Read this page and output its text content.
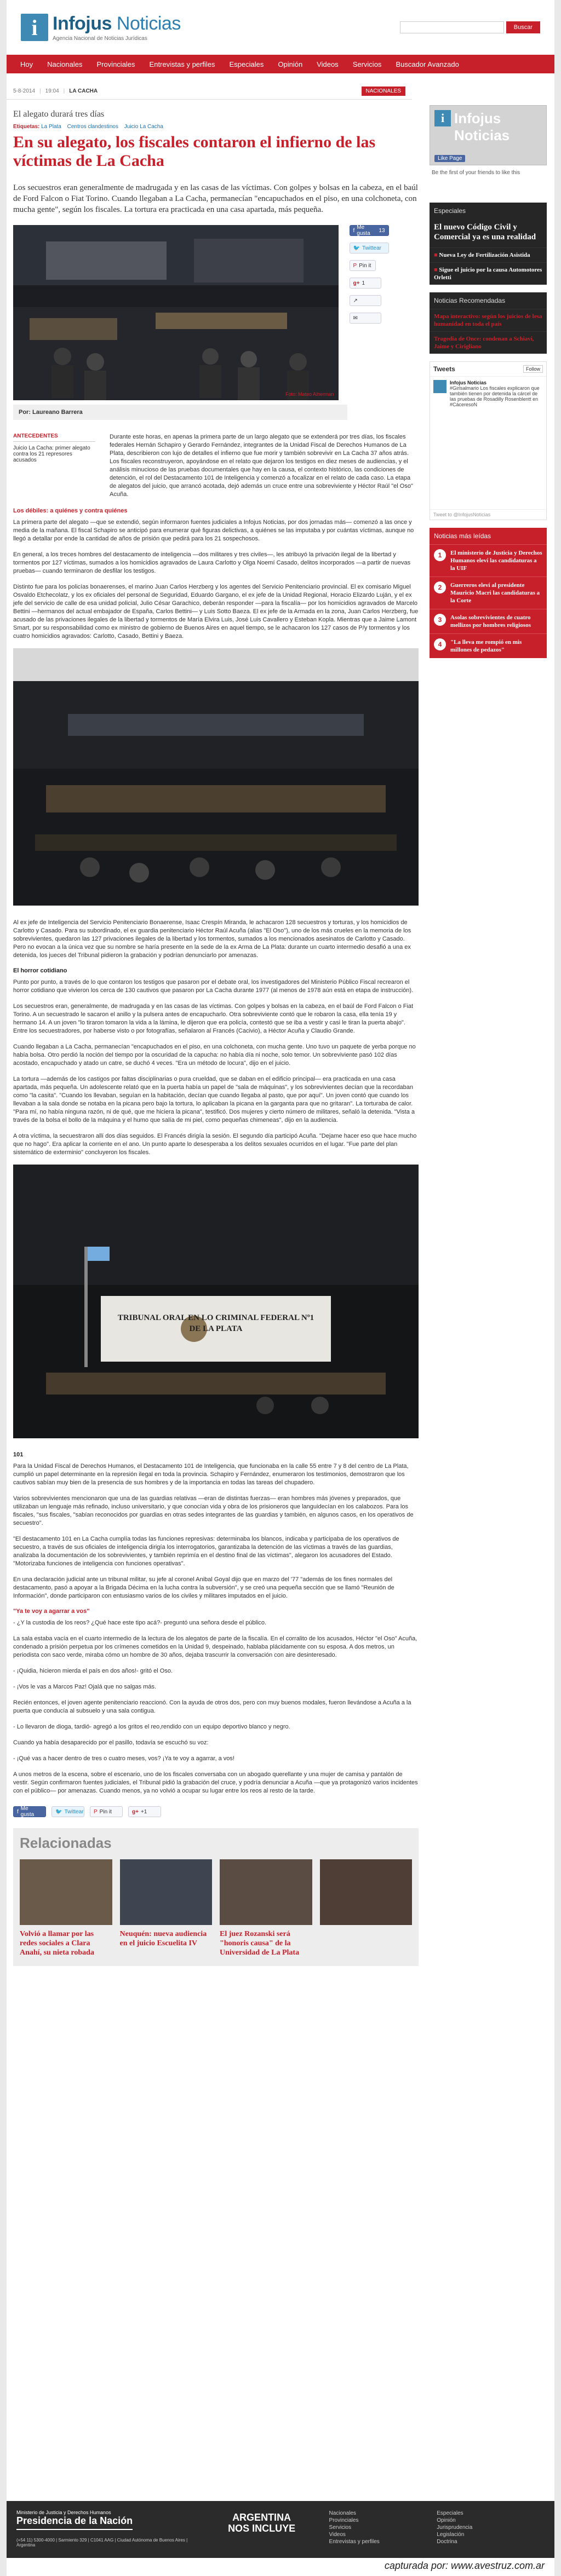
i Infojus Noticias
Agencia Nacional de Noticias Jurídicas
Buscar
Hoy	Nacionales	Provinciales	Entrevistas y perfiles	Especiales	Opinión	Videos	Servicios	Buscador Avanzado
5-8-2014 | 19:04 | LA CACHA	NACIONALES
El alegato durará tres días
Etiquetas: La Plata Centros clandestinos Juicio La Cacha
En su alegato, los fiscales contaron el infierno de las víctimas de La Cacha

Los secuestros eran generalmente de madrugada y en las casas de las víctimas. Con golpes y bolsas en la cabeza, en el baúl de Ford Falcon o Fiat Torino. Cuando llegaban a La Cacha, permanecían "encapuchados en el piso, en una colchoneta, con mucha gente", según los fiscales. La tortura era practicada en una casa apartada, más pequeña.

Foto: Mateo Aiherman
f Me gusta	13
🐦 Twittear
P Pin it
g+ 1
↗
✉
Por: Laureano Barrera
ANTECEDENTES

Juicio La Cacha: primer alegato contra los 21 represores acusados

Durante este horas, en apenas la primera parte de un largo alegato que se extenderá por tres días, los fiscales federales Hernán Schapiro y Gerardo Fernández, integrantes de la Unidad Fiscal de Derechos Humanos de La Plata, describieron con lujo de detalles el infierno que fue morir y también sobrevivir en La Cacha 37 años atrás. Los fiscales reconstruyeron, apoyándose en el relato que dejaron los testigos en diez meses de audiencias, y el análisis minucioso de las pruebas documentales que hay en la causa, el contexto histórico, las condiciones de detención, el rol del Destacamento 101 de Inteligencia y comenzó a focalizar en el relato de cada caso. La etapa de alegatos del juicio, que arrancó acotada, dejó además un cruce entre una sobreviviente y Héctor Raúl "el Oso" Acuña.

Los débiles: a quiénes y contra quiénes

La primera parte del alegato —que se extendió, según informaron fuentes judiciales a Infojus Noticias, por dos jornadas más— comenzó a las once y media de la mañana. El fiscal Schapiro se anticipó para enumerar qué figuras delictivas, a quiénes se las imputaba y por cuántas víctimas, aunque no llegó a detallar por ende la cantidad de años de prisión que pedirá para los 21 sospechosos.

En general, a los treces hombres del destacamento de inteligencia —dos militares y tres civiles—, les atribuyó la privación ilegal de la libertad y tormentos por 127 víctimas, sumados a los homicidios agravados de Laura Carlotto y Olga Noemí Casado, delitos incorporados —a partir de nuevas pruebas— cuando terminaron de desfilar los testigos.

Distinto fue para los policías bonaerenses, el marino Juan Carlos Herzberg y los agentes del Servicio Penitenciario provincial. El ex comisario Miguel Osvaldo Etchecolatz, y los ex oficiales del personal de Seguridad, Eduardo Gargano, el ex jefe de la Unidad Regional, Horacio Elizardo Luján, y el ex jefe del servicio de calle de esa unidad policial, Julio César Garachico, deberán responder —para la fiscalía— por los homicidios agravados de Marcelo Bettini —hermanos del actual embajador de España, Carlos Bettini— y Luis Sotto Baeza. El ex jefe de la Armada en la zona, Juan Carlos Herzberg, fue acusado de las privaciones ilegales de la libertad y tormentos de María Elvira Luis, José Luis Cavallero y Esteban Kopla. Mientras que a Jaime Lamont Smart, por su responsabilidad como ex ministro de gobierno de Buenos Aires en aquel tiempo, se le achacaron los 127 casos de P/y tormentos y los cuatro homicidios agravados: Carlotto, Casado, Bettini y Baeza.

Al ex jefe de Inteligencia del Servicio Penitenciario Bonaerense, Isaac Crespín Miranda, le achacaron 128 secuestros y torturas, y los homicidios de Carlotto y Casado. Para su subordinado, el ex guardia penitenciario Héctor Raúl Acuña (alias "El Oso"), uno de los más crueles en la memoria de los sobrevivientes, quedaron las 127 privaciones ilegales de la libertad y los tormentos, sumados a los mencionados asesinatos de Carlotto y Casado. Pero no evocan a la única vez que su nombre se haría presente en la sede de la ex Arma de La Plata: durante un cuarto intermedio desafió a una ex detenida, los jueces del Tribunal pidieron la grabación y podrían denunciarlo por amenazas.

El horror cotidiano

Punto por punto, a través de lo que contaron los testigos que pasaron por el debate oral, los investigadores del Ministerio Público Fiscal recrearon el horror cotidiano que vivieron los cerca de 130 cautivos que pasaron por La Cacha durante 1977 (al menos de 1978 aún está en etapa de instrucción).

Los secuestros eran, generalmente, de madrugada y en las casas de las víctimas. Con golpes y bolsas en la cabeza, en el baúl de Ford Falcon o Fiat Torino. A un secuestrado le sacaron el anillo y la pulsera antes de encapucharlo. Otra sobreviviente contó que le robaron la casa, ella tenía 19 y hermano 14. A un joven "lo tiraron tomaron la vida a la lámina, le dijeron que era policía, contestó que se iba a vestir y casi le tiran la puerta abajo". Entre los secuestradores, por haberse visto o por fotografías, señalaron al Francés (Cacivio), a Héctor Acuña y Claudio Grande.

Cuando llegaban a La Cacha, permanecían "encapuchados en el piso, en una colchoneta, con mucha gente. Uno tuvo un paquete de yerba porque no había bolsa. Otro perdió la noción del tiempo por la oscuridad de la capucha: no había día ni noche, solo temor. Un sobreviviente pasó 102 días acostado, encapuchado y atado un catre, se duchó 4 veces. "Era un método de locura", dijo en el juicio.

La tortura —además de los castigos por faltas disciplinarias o pura crueldad, que se daban en el edificio principal— era practicada en una casa apartada, más pequeña. Un adolescente relató que en la puerta había un papel de "sala de máquinas", y los sobrevivientes decían que la recordaban como "la casita". "Cuando los llevaban, seguían en la habitación, decían que cuando llegaba al pasto, que por aquí". Un joven contó que cuando los llevaban a la sala donde se notaba en la picana pero bajo la tortura, lo aplicaban la picana en la garganta para que no gritaran". La torturaba de calor. "Para mí, no había ninguna razón, ni de qué, que me hiciera la picana", testificó. Dos mujeres y cierto número de militares, señaló la detenida. "Vista a través de la bolsa el bollo de la máquina y el humo que salía de mi piel, como pequeñas chimeneas", dijo en la audiencia.

A otra víctima, la secuestraron allí dos días seguidos. El Francés dirigía la sesión. El segundo día participó Acuña. "Dejame hacer eso que hace mucho que no hago". Era aplicar la corriente en el ano. Un punto aparte lo desesperaba a los delitos sexuales ocurridos en el lugar. "Fue parte del plan sistemático de exterminio" concluyeron los fiscales.

TRIBUNAL ORAL EN LO CRIMINAL FEDERAL Nº1 DE LA PLATA
101

Para la Unidad Fiscal de Derechos Humanos, el Destacamento 101 de Inteligencia, que funcionaba en la calle 55 entre 7 y 8 del centro de La Plata, cumplió un papel determinante en la represión ilegal en toda la provincia. Schapiro y Fernández, enumeraron los testimonios, demostraron que los cautivos sabían muy bien de la presencia de sus hombres y de la importancia en todas las tareas del chupadero.

Varios sobrevivientes mencionaron que una de las guardias relativas —eran de distintas fuerzas— eran hombres más jóvenes y preparados, que utilizaban un lenguaje más refinado, incluso universitario, y que conocían vida y obra de los prisioneros que languidecían en los calabozos. Para los fiscales, "sus fiscales, "sabían reconocidos por guardias en otras sedes integrantes de las guardias y también, en algunos casos, en los operativos de secuestro".

"El destacamento 101 en La Cacha cumplía todas las funciones represivas: determinaba los blancos, indicaba y participaba de los operativos de secuestro, a través de sus oficiales de inteligencia dirigía los interrogatorios, garantizaba la detención de las víctimas a través de las guardias, analizaba la documentación de los sobrevivientes, y también reprimía en el destino final de las víctimas", alegaron los acusadores del Estado. "Motorizaba funciones de inteligencia con funciones operativas".

En una declaración judicial ante un tribunal militar, su jefe al coronel Anibal Goyal dijo que en marzo del '77 "además de los fines normales del destacamento, pasó a apoyar a la Brigada Décima en la lucha contra la subversión", y se creó una pequeña sección que se llamó "Reunión de Información", donde participaron con entusiasmo varios de los civiles y militares imputados en el juicio.

"Ya te voy a agarrar a vos"

- ¿Y la custodia de los reos? ¿Qué hace este tipo acá?- preguntó una señora desde el público.

La sala estaba vacía en el cuarto intermedio de la lectura de los alegatos de parte de la fiscalía. En el corralito de los acusados, Héctor "el Oso" Acuña, condenado a prisión perpetua por los crímenes cometidos en la Unidad 9, despeinado, hablaba plácidamente con su esposa. A dos metros, un periodista con saco verde, miraba cómo un hombre de 30 años, dejaba trascurrir la conversación con aire desinteresado.

- ¡Quidia, hicieron mierda el país en dos años!- gritó el Oso.

- ¡Vos le vas a Marcos Paz! Ojalá que no salgas más.

Recién entonces, el joven agente penitenciario reaccionó. Con la ayuda de otros dos, pero con muy buenos modales, fueron llevándose a Acuña a la puerta que conducía al subsuelo y una sala contigua.

- Lo llevaron de dioga, tardió- agregó a los gritos el reo,rendido con un equipo deportivo blanco y negro.

Cuando ya había desaparecido por el pasillo, todavía se escuchó su voz:

- ¡Qué vas a hacer dentro de tres o cuatro meses, vos? ¡Ya te voy a agarrar, a vos!

A unos metros de la escena, sobre el escenario, uno de los fiscales conversaba con un abogado querellante y una mujer de camisa y pantalón de vestir. Según confirmaron fuentes judiciales, el Tribunal pidió la grabación del cruce, y podría denunciar a Acuña —que ya protagonizó varios incidentes con el público— por amenazas. Cuando menos, ya no volvió a ocupar su lugar entre los reos al resto de la tarde.

f Me gusta	🐦 Twittear P Pin it	g+ +1
Relacionadas

Volvió a llamar por las redes sociales a Clara Anahí, su nieta robada

Neuquén: nueva audiencia en el juicio Escuelita IV

El juez Rozanski será "honoris causa" de la Universidad de La Plata

i Infojus Noticias
Like Page
Be the first of your friends to like this
Especiales
El nuevo Código Civil y Comercial ya es una realidad
■ Nueva Ley de Fertilización Asistida
■ Sigue el juicio por la causa Automotores Orletti
Noticias Recomendadas
Mapa interactivo: según los juicios de lesa humanidad en toda el país
Tragedia de Once: condenan a Schiavi, Jaime y Cirigliano
Tweets	Follow
Infojus Noticias
#Girlsalmario Los fiscales explicaron que también tienen por detenida la cárcel de las pruebas de Rosadilly Rosenblentt en #CáceresoN
Tweet to @InfojusNoticias
Noticias más leídas
1	El ministerio de Justicia y Derechos Humanos eleví las candidaturas a la UIF
2	Guerreros eleví al presidente Mauricio Macri las candidaturas a la Corte
3	Asolas sobrevivientes de cuatro mellizos por hombres religiosos
4	"La lleva me rompió en mis millones de pedazos"
Ministerio de Justicia y Derechos Humanos
Presidencia de la Nación
(+54 11) 5300-4000 | Sarmiento 329 | C1041 AAG | Ciudad Autónoma de Buenos Aires | Argentina
ARGENTINA
NOS INCLUYE
Nacionales
Provinciales
Servicios
Videos
Entrevistas y perfiles
Especiales
Opinión
Jurisprudencia
Legislación
Doctrina
capturada por: www.avestruz.com.ar
